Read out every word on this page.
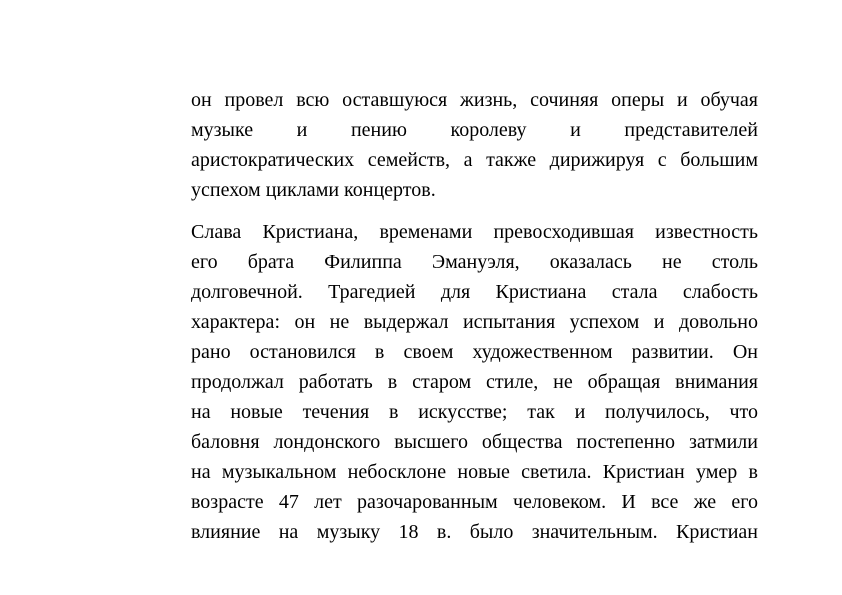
он провел всю оставшуюся жизнь, сочиняя оперы и обучая
музыке и пению королеву и представителей
аристократических семейств, а также дирижируя с большим
успехом циклами концертов.
Слава Кристиана, временами превосходившая известность
его брата Филиппа Эмануэля, оказалась не столь
долговечной. Трагедией для Кристиана стала слабость
характера: он не выдержал испытания успехом и довольно
рано остановился в своем художественном развитии. Он
продолжал работать в старом стиле, не обращая внимания
на новые течения в искусстве; так и получилось, что
баловня лондонского высшего общества постепенно затмили
на музыкальном небосклоне новые светила. Кристиан умер в
возрасте 47 лет разочарованным человеком. И все же его
влияние на музыку 18 в. было значительным. Кристиан
